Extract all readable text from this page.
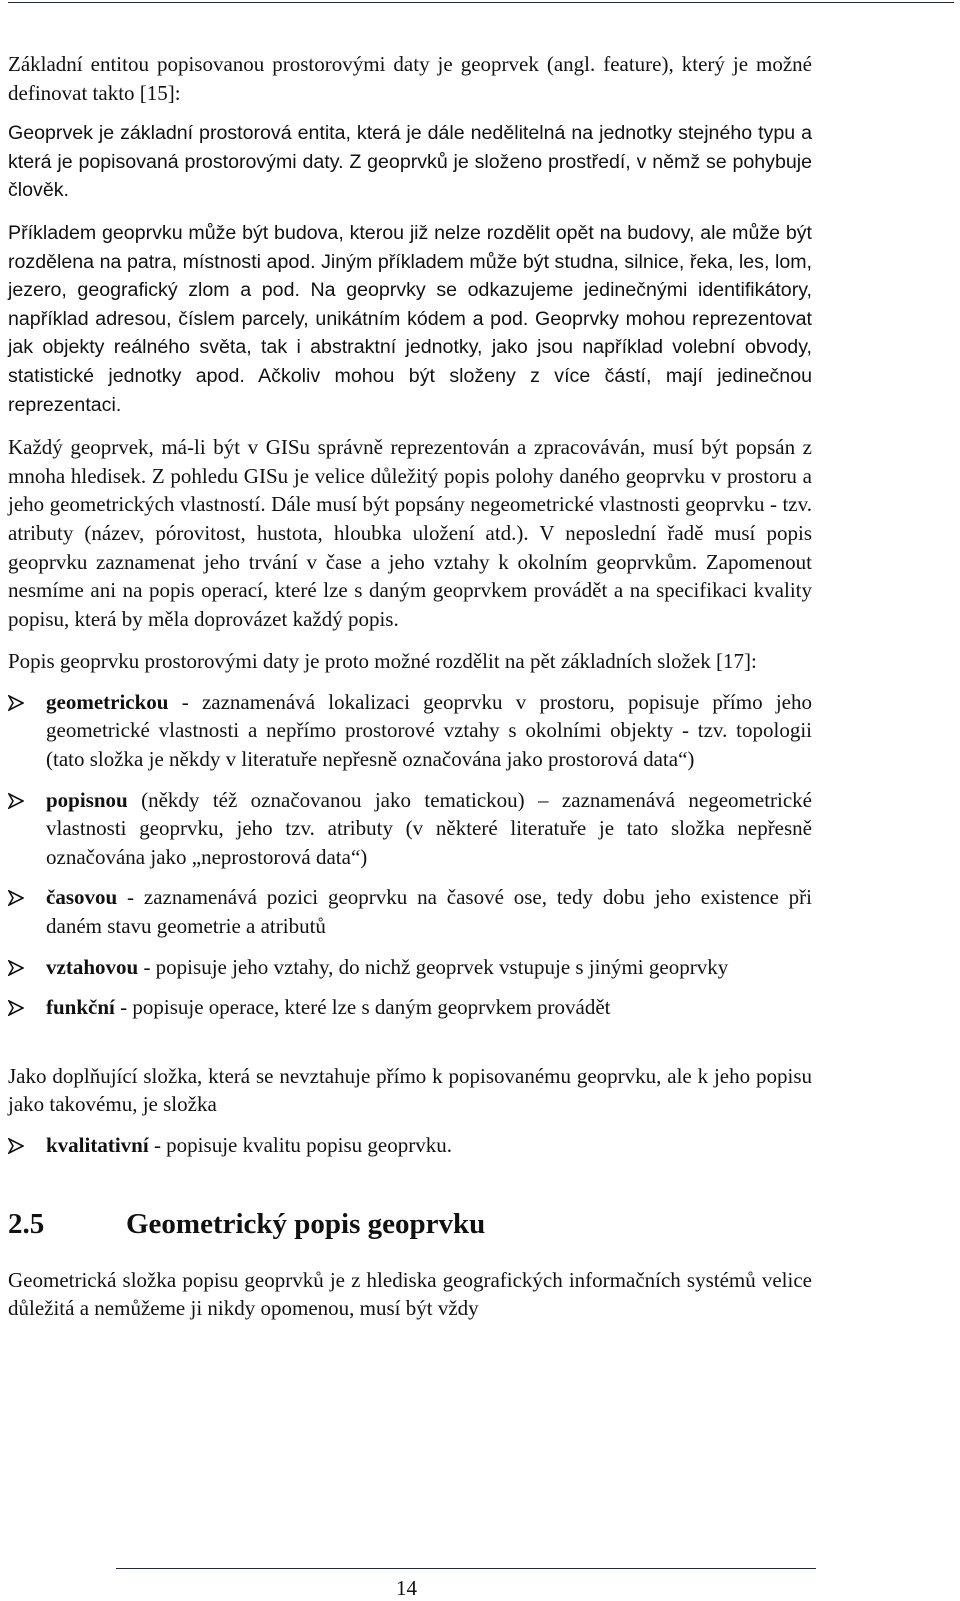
Základní entitou popisovanou prostorovými daty je geoprvek (angl. feature), který je možné definovat takto [15]:

Geoprvek je základní prostorová entita, která je dále nedělitelná na jednotky stejného typu a která je popisovaná prostorovými daty. Z geoprvků je složeno prostředí, v němž se pohybuje člověk.

Příkladem geoprvku může být budova, kterou již nelze rozdělit opět na budovy, ale může být rozdělena na patra, místnosti apod. Jiným příkladem může být studna, silnice, řeka, les, lom, jezero, geografický zlom a pod. Na geoprvky se odkazujeme jedinečnými identifikátory, například adresou, číslem parcely, unikátním kódem a pod. Geoprvky mohou reprezentovat jak objekty reálného světa, tak i abstraktní jednotky, jako jsou například volební obvody, statistické jednotky apod. Ačkoliv mohou být složeny z více částí, mají jedinečnou reprezentaci.

Každý geoprvek, má-li být v GISu správně reprezentován a zpracováván, musí být popsán z mnoha hledisek. Z pohledu GISu je velice důležitý popis polohy daného geoprvku v prostoru a jeho geometrických vlastností. Dále musí být popsány negeometrické vlastnosti geoprvku - tzv. atributy (název, pórovitost, hustota, hloubka uložení atd.). V neposlední řadě musí popis geoprvku zaznamenat jeho trvání v čase a jeho vztahy k okolním geoprvkům. Zapomenout nesmíme ani na popis operací, které lze s daným geoprvkem provádět a na specifikaci kvality popisu, která by měla doprovázet každý popis.

Popis geoprvku prostorovými daty je proto možné rozdělit na pět základních složek [17]:

geometrickou - zaznamenává lokalizaci geoprvku v prostoru, popisuje přímo jeho geometrické vlastnosti a nepřímo prostorové vztahy s okolními objekty - tzv. topologii (tato složka je někdy v literatuře nepřesně označována jako prostorová data“)
popisnou (někdy též označovanou jako tematickou) – zaznamenává negeometrické vlastnosti geoprvku, jeho tzv. atributy (v některé literatuře je tato složka nepřesně označována jako „neprostorová data“)
časovou - zaznamenává pozici geoprvku na časové ose, tedy dobu jeho existence při daném stavu geometrie a atributů
vztahovou - popisuje jeho vztahy, do nichž geoprvek vstupuje s jinými geoprvky
funkční - popisuje operace, které lze s daným geoprvkem provádět

Jako doplňující složka, která se nevztahuje přímo k popisovanému geoprvku, ale k jeho popisu jako takovému, je složka

kvalitativní - popisuje kvalitu popisu geoprvku.
2.5	Geometrický popis geoprvku

Geometrická složka popisu geoprvků je z hlediska geografických informačních systémů velice důležitá a nemůžeme ji nikdy opomenou, musí být vždy

14
